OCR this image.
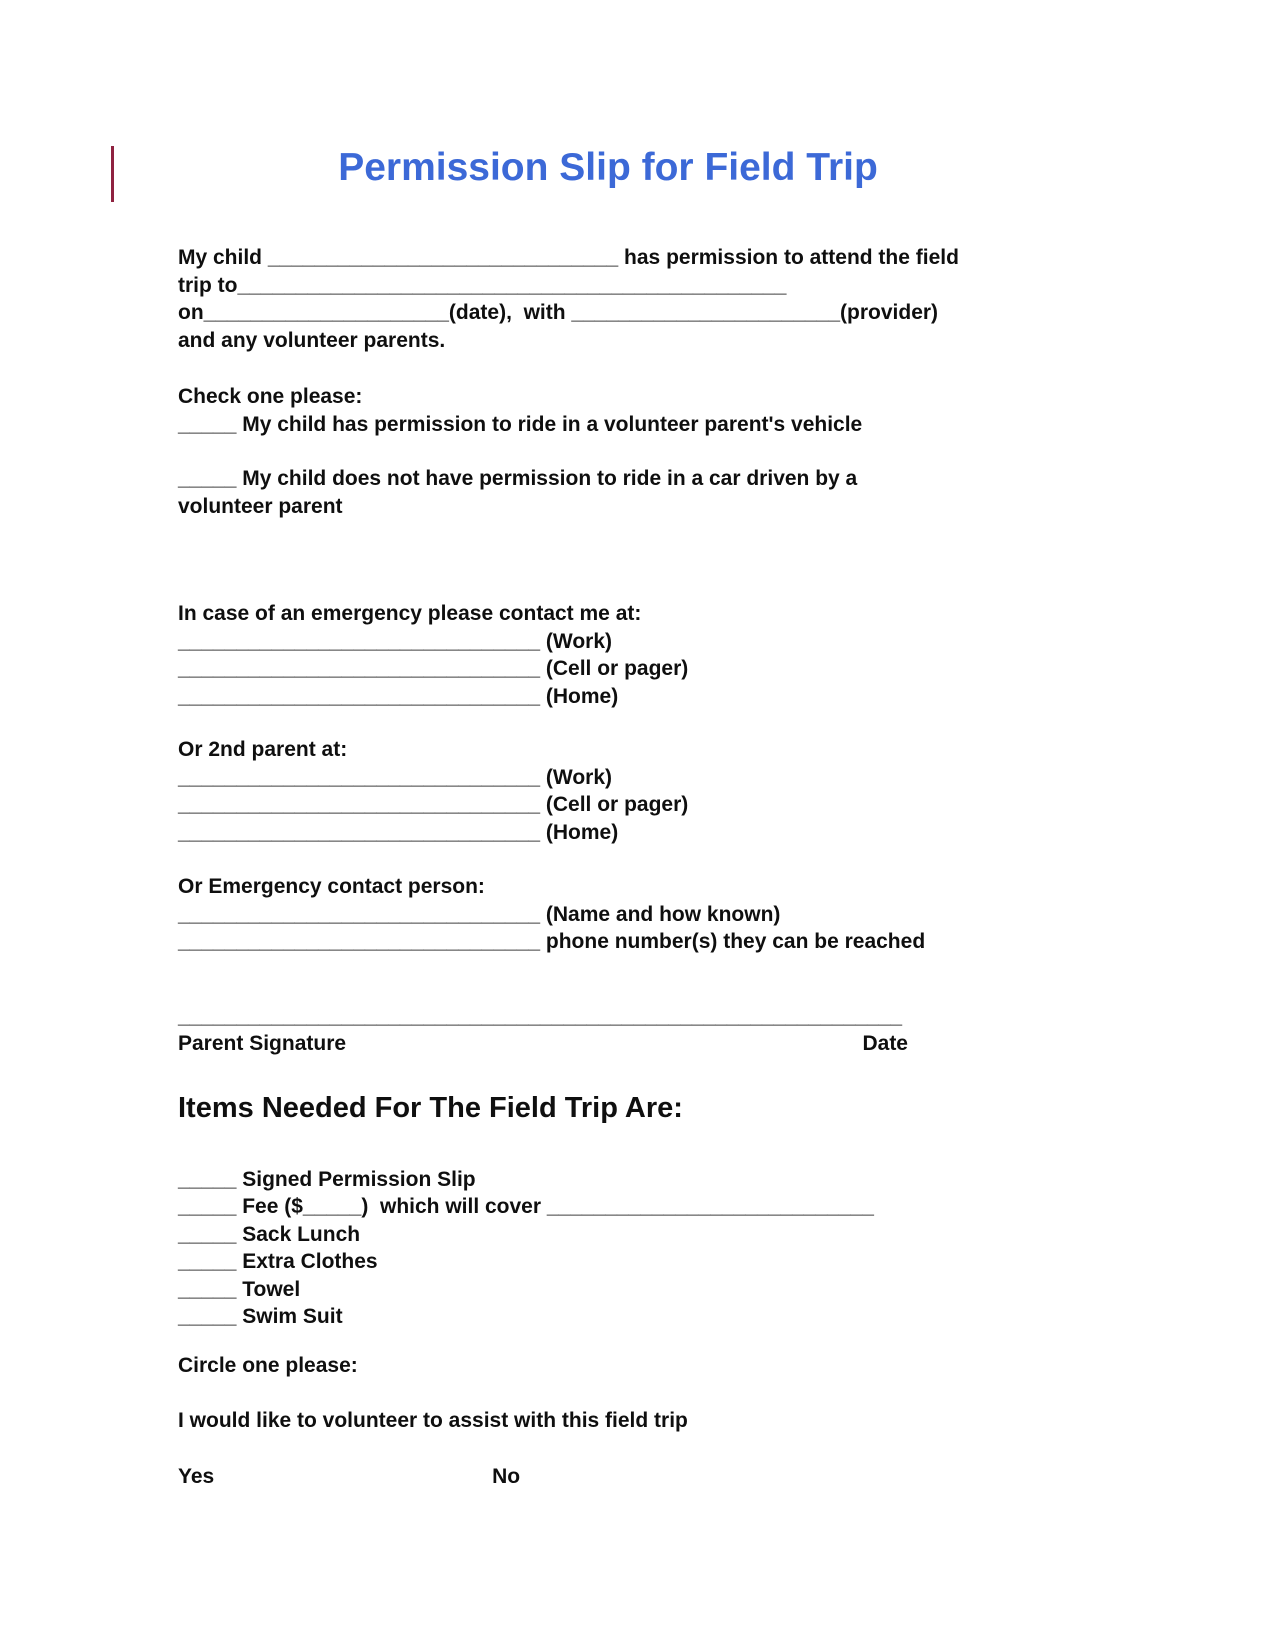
Permission Slip for Field Trip
My child ______________________________ has permission to attend the field
trip to_______________________________________________
on_____________________(date),  with _______________________(provider)
and any volunteer parents.
Check one please:
_____ My child has permission to ride in a volunteer parent's vehicle
_____ My child does not have permission to ride in a car driven by a
volunteer parent
In case of an emergency please contact me at:
_______________________________ (Work)
_______________________________ (Cell or pager)
_______________________________ (Home)
Or 2nd parent at:
_______________________________ (Work)
_______________________________ (Cell or pager)
_______________________________ (Home)
Or Emergency contact person:
_______________________________ (Name and how known)
_______________________________ phone number(s) they can be reached
______________________________________________________________
Parent Signature	Date
Items Needed For The Field Trip Are:
_____ Signed Permission Slip
_____ Fee ($_____)  which will cover ____________________________
_____ Sack Lunch
_____ Extra Clothes
_____ Towel
_____ Swim Suit
Circle one please:
I would like to volunteer to assist with this field trip
Yes	No
